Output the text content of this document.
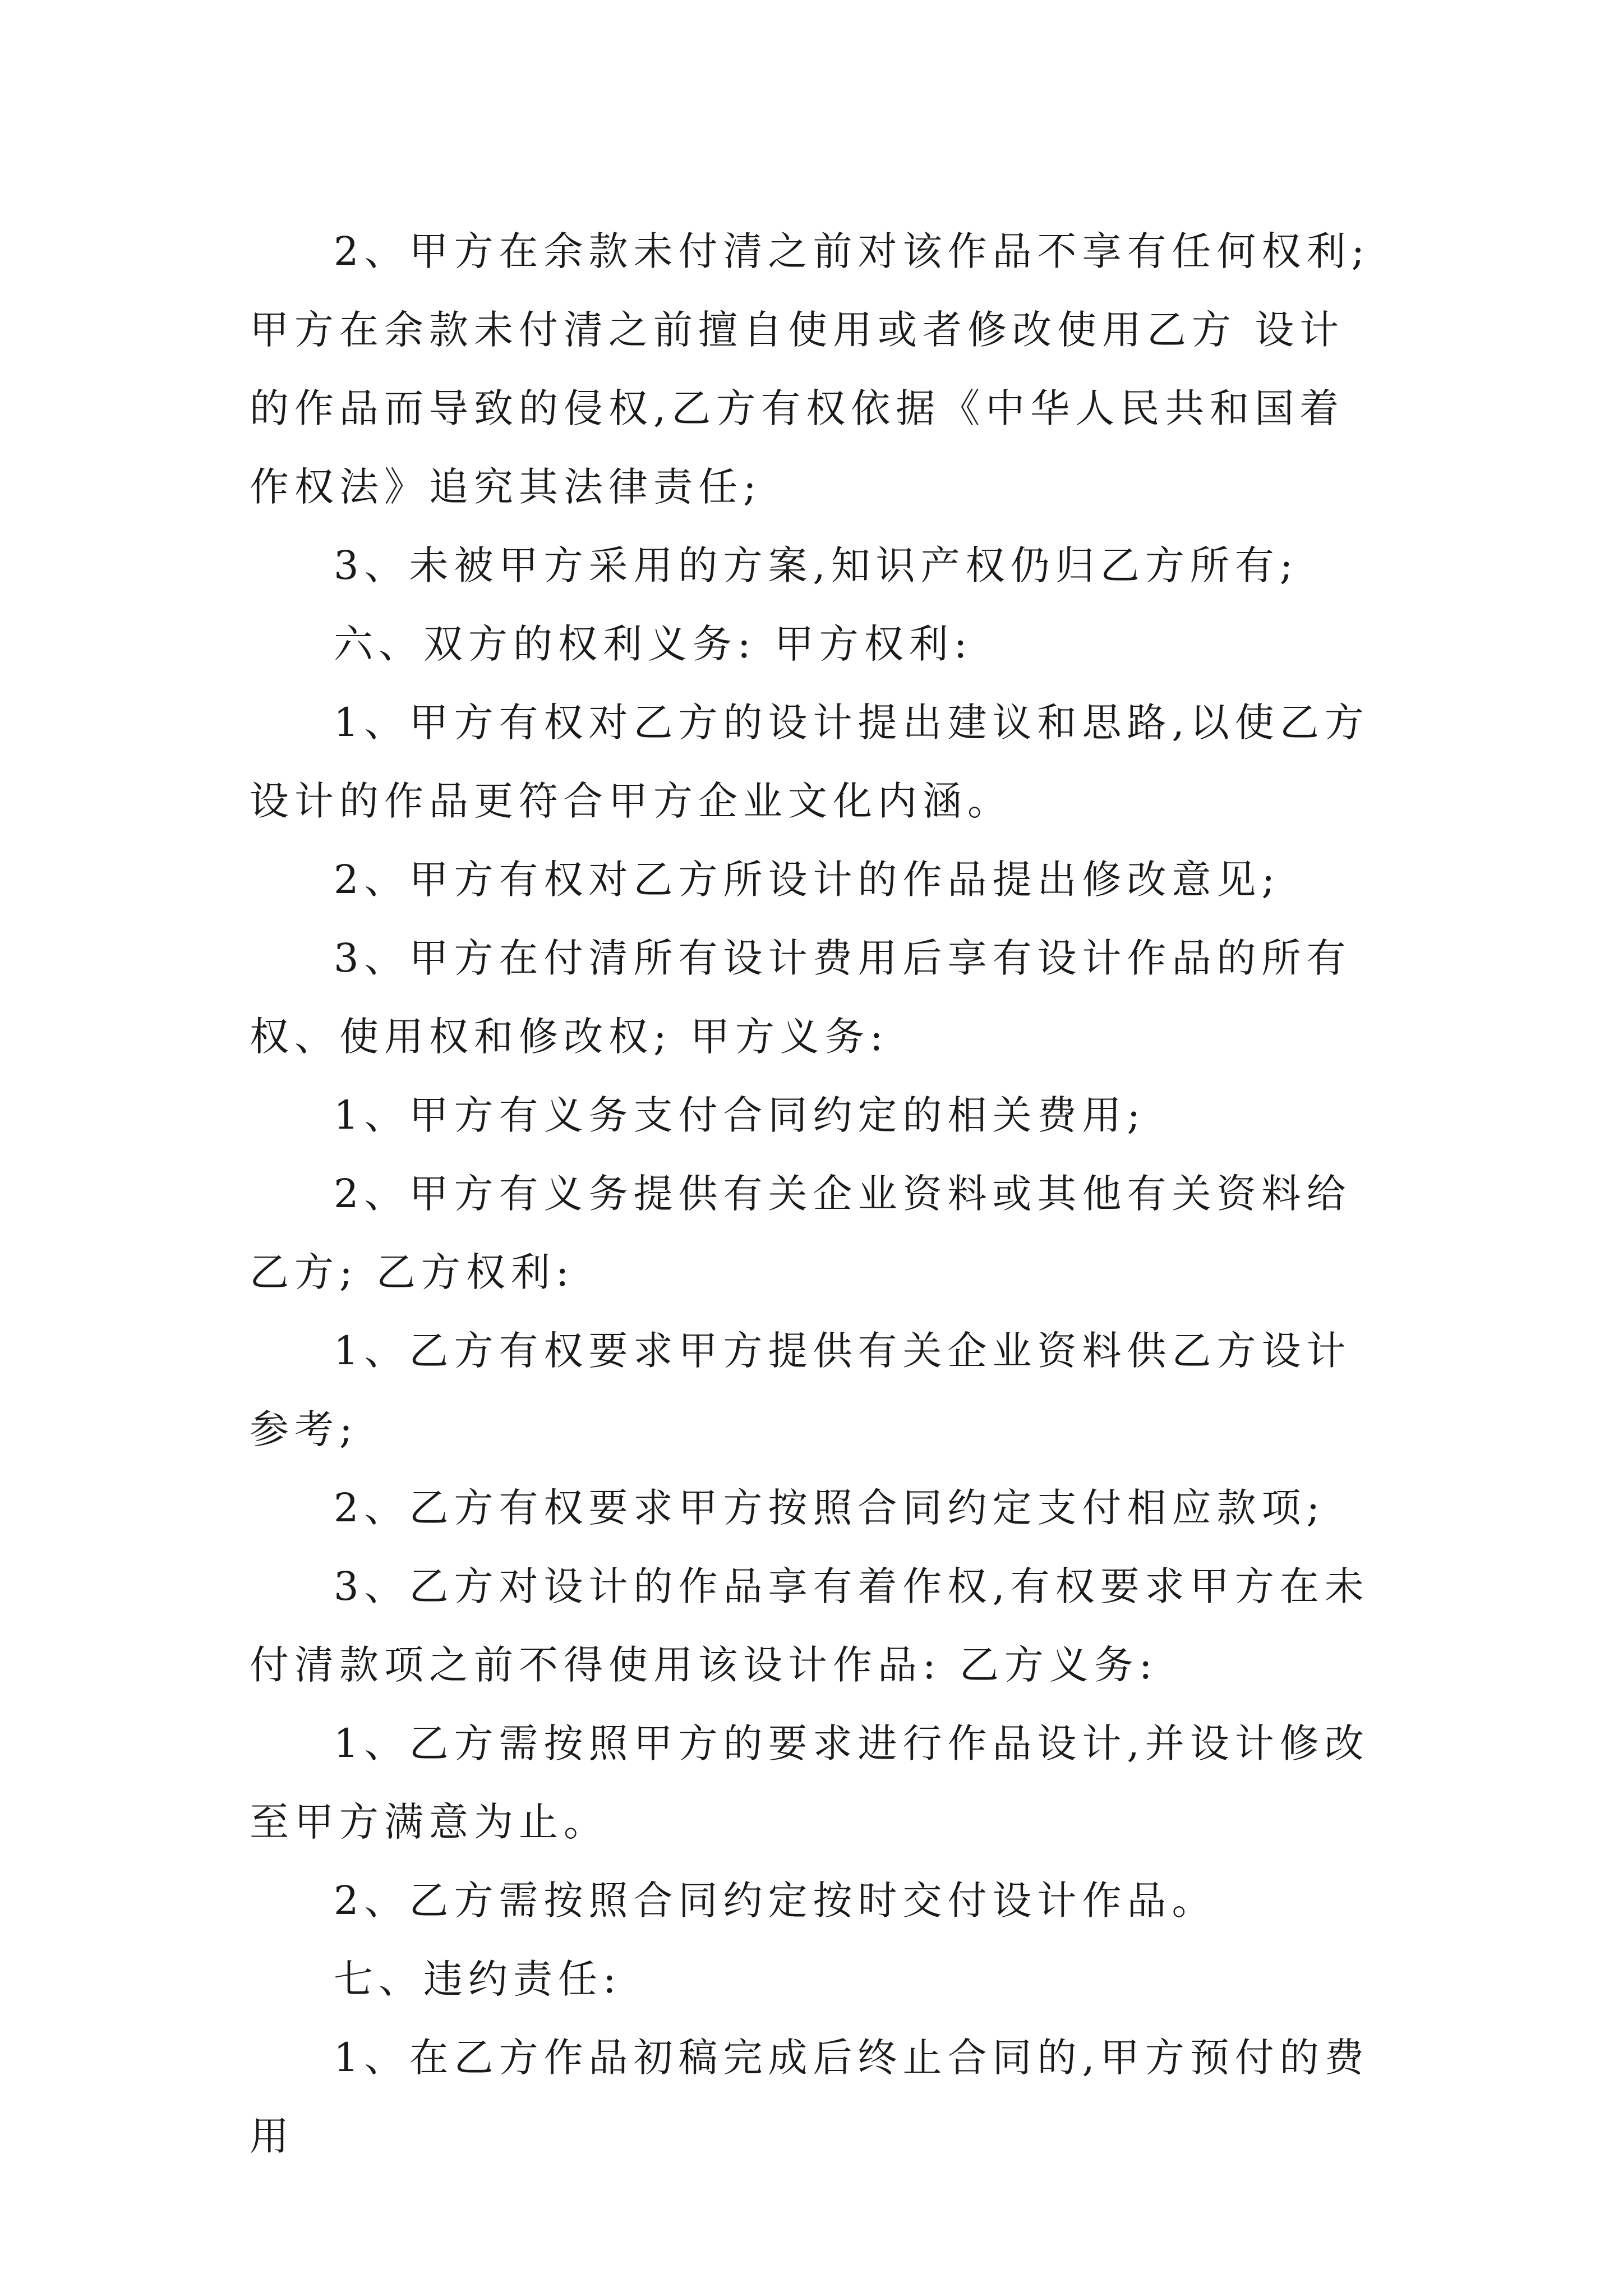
2、甲方在余款未付清之前对该作品不享有任何权利;甲方在余款未付清之前擅自使用或者修改使用乙方 设计的作品而导致的侵权,乙方有权依据《中华人民共和国着作权法》追究其法律责任;

3、未被甲方采用的方案,知识产权仍归乙方所有;

六、双方的权利义务: 甲方权利:

1、甲方有权对乙方的设计提出建议和思路,以使乙方设计的作品更符合甲方企业文化内涵。

2、甲方有权对乙方所设计的作品提出修改意见;

3、甲方在付清所有设计费用后享有设计作品的所有权、使用权和修改权; 甲方义务:

1、甲方有义务支付合同约定的相关费用;

2、甲方有义务提供有关企业资料或其他有关资料给乙方; 乙方权利:

1、乙方有权要求甲方提供有关企业资料供乙方设计参考;

2、乙方有权要求甲方按照合同约定支付相应款项;

3、乙方对设计的作品享有着作权,有权要求甲方在未付清款项之前不得使用该设计作品: 乙方义务:

1、乙方需按照甲方的要求进行作品设计,并设计修改至甲方满意为止。

2、乙方需按照合同约定按时交付设计作品。

七、违约责任:

1、在乙方作品初稿完成后终止合同的,甲方预付的费用
